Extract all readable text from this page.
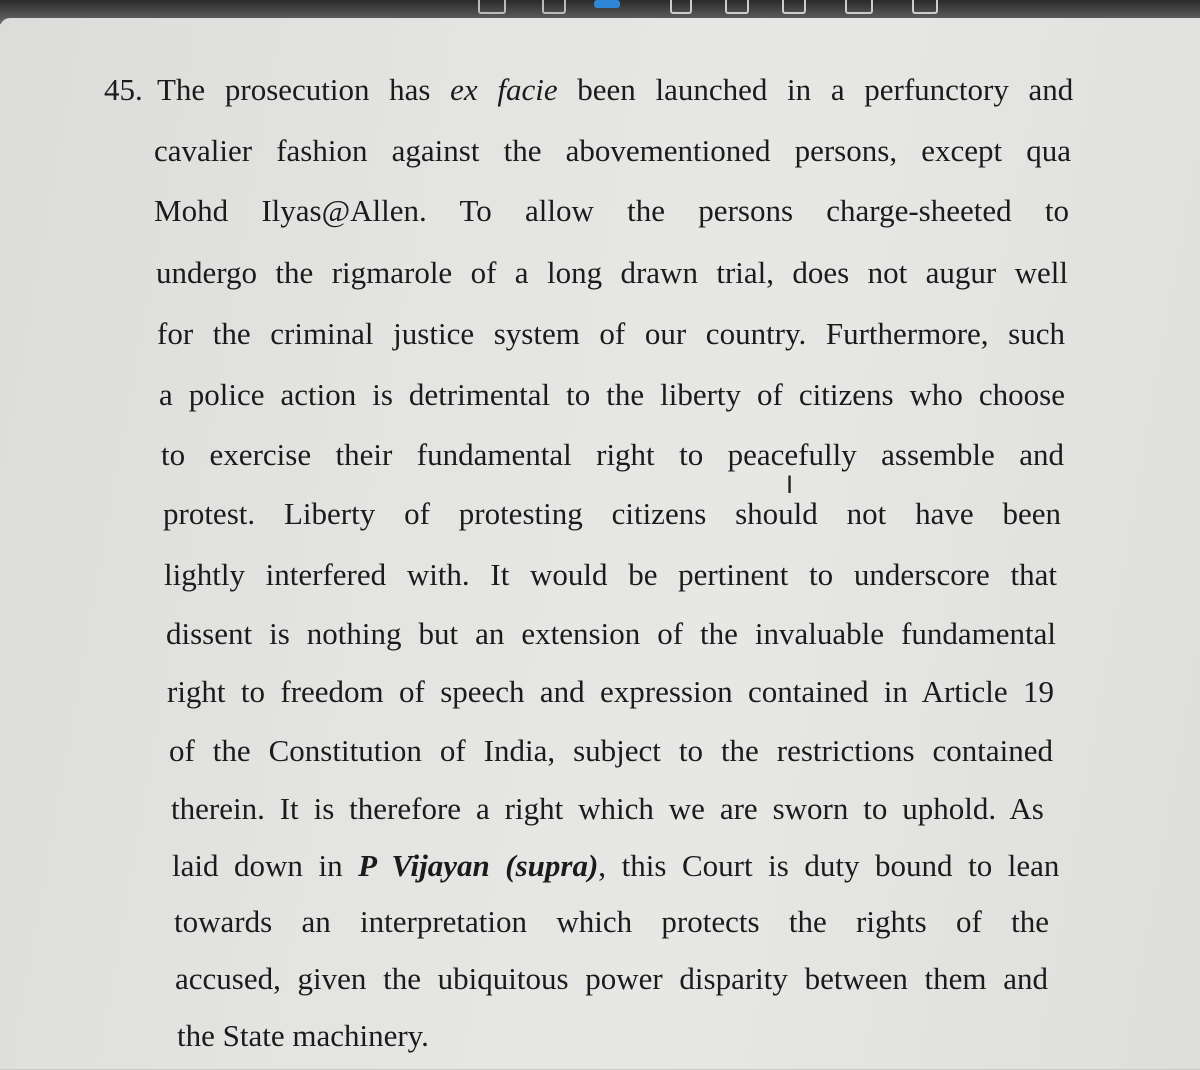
45. The prosecution has ex facie been launched in a perfunctory and
cavalier fashion against the abovementioned persons, except qua
Mohd Ilyas@Allen. To allow the persons charge-sheeted to
undergo the rigmarole of a long drawn trial, does not augur well
for the criminal justice system of our country. Furthermore, such
a police action is detrimental to the liberty of citizens who choose
to exercise their fundamental right to peacefully assemble and
protest. Liberty of protesting citizens should not have been
lightly interfered with. It would be pertinent to underscore that
dissent is nothing but an extension of the invaluable fundamental
right to freedom of speech and expression contained in Article 19
of the Constitution of India, subject to the restrictions contained
therein. It is therefore a right which we are sworn to uphold. As
laid down in P Vijayan (supra), this Court is duty bound to lean
towards an interpretation which protects the rights of the
accused, given the ubiquitous power disparity between them and
the State machinery.
I
